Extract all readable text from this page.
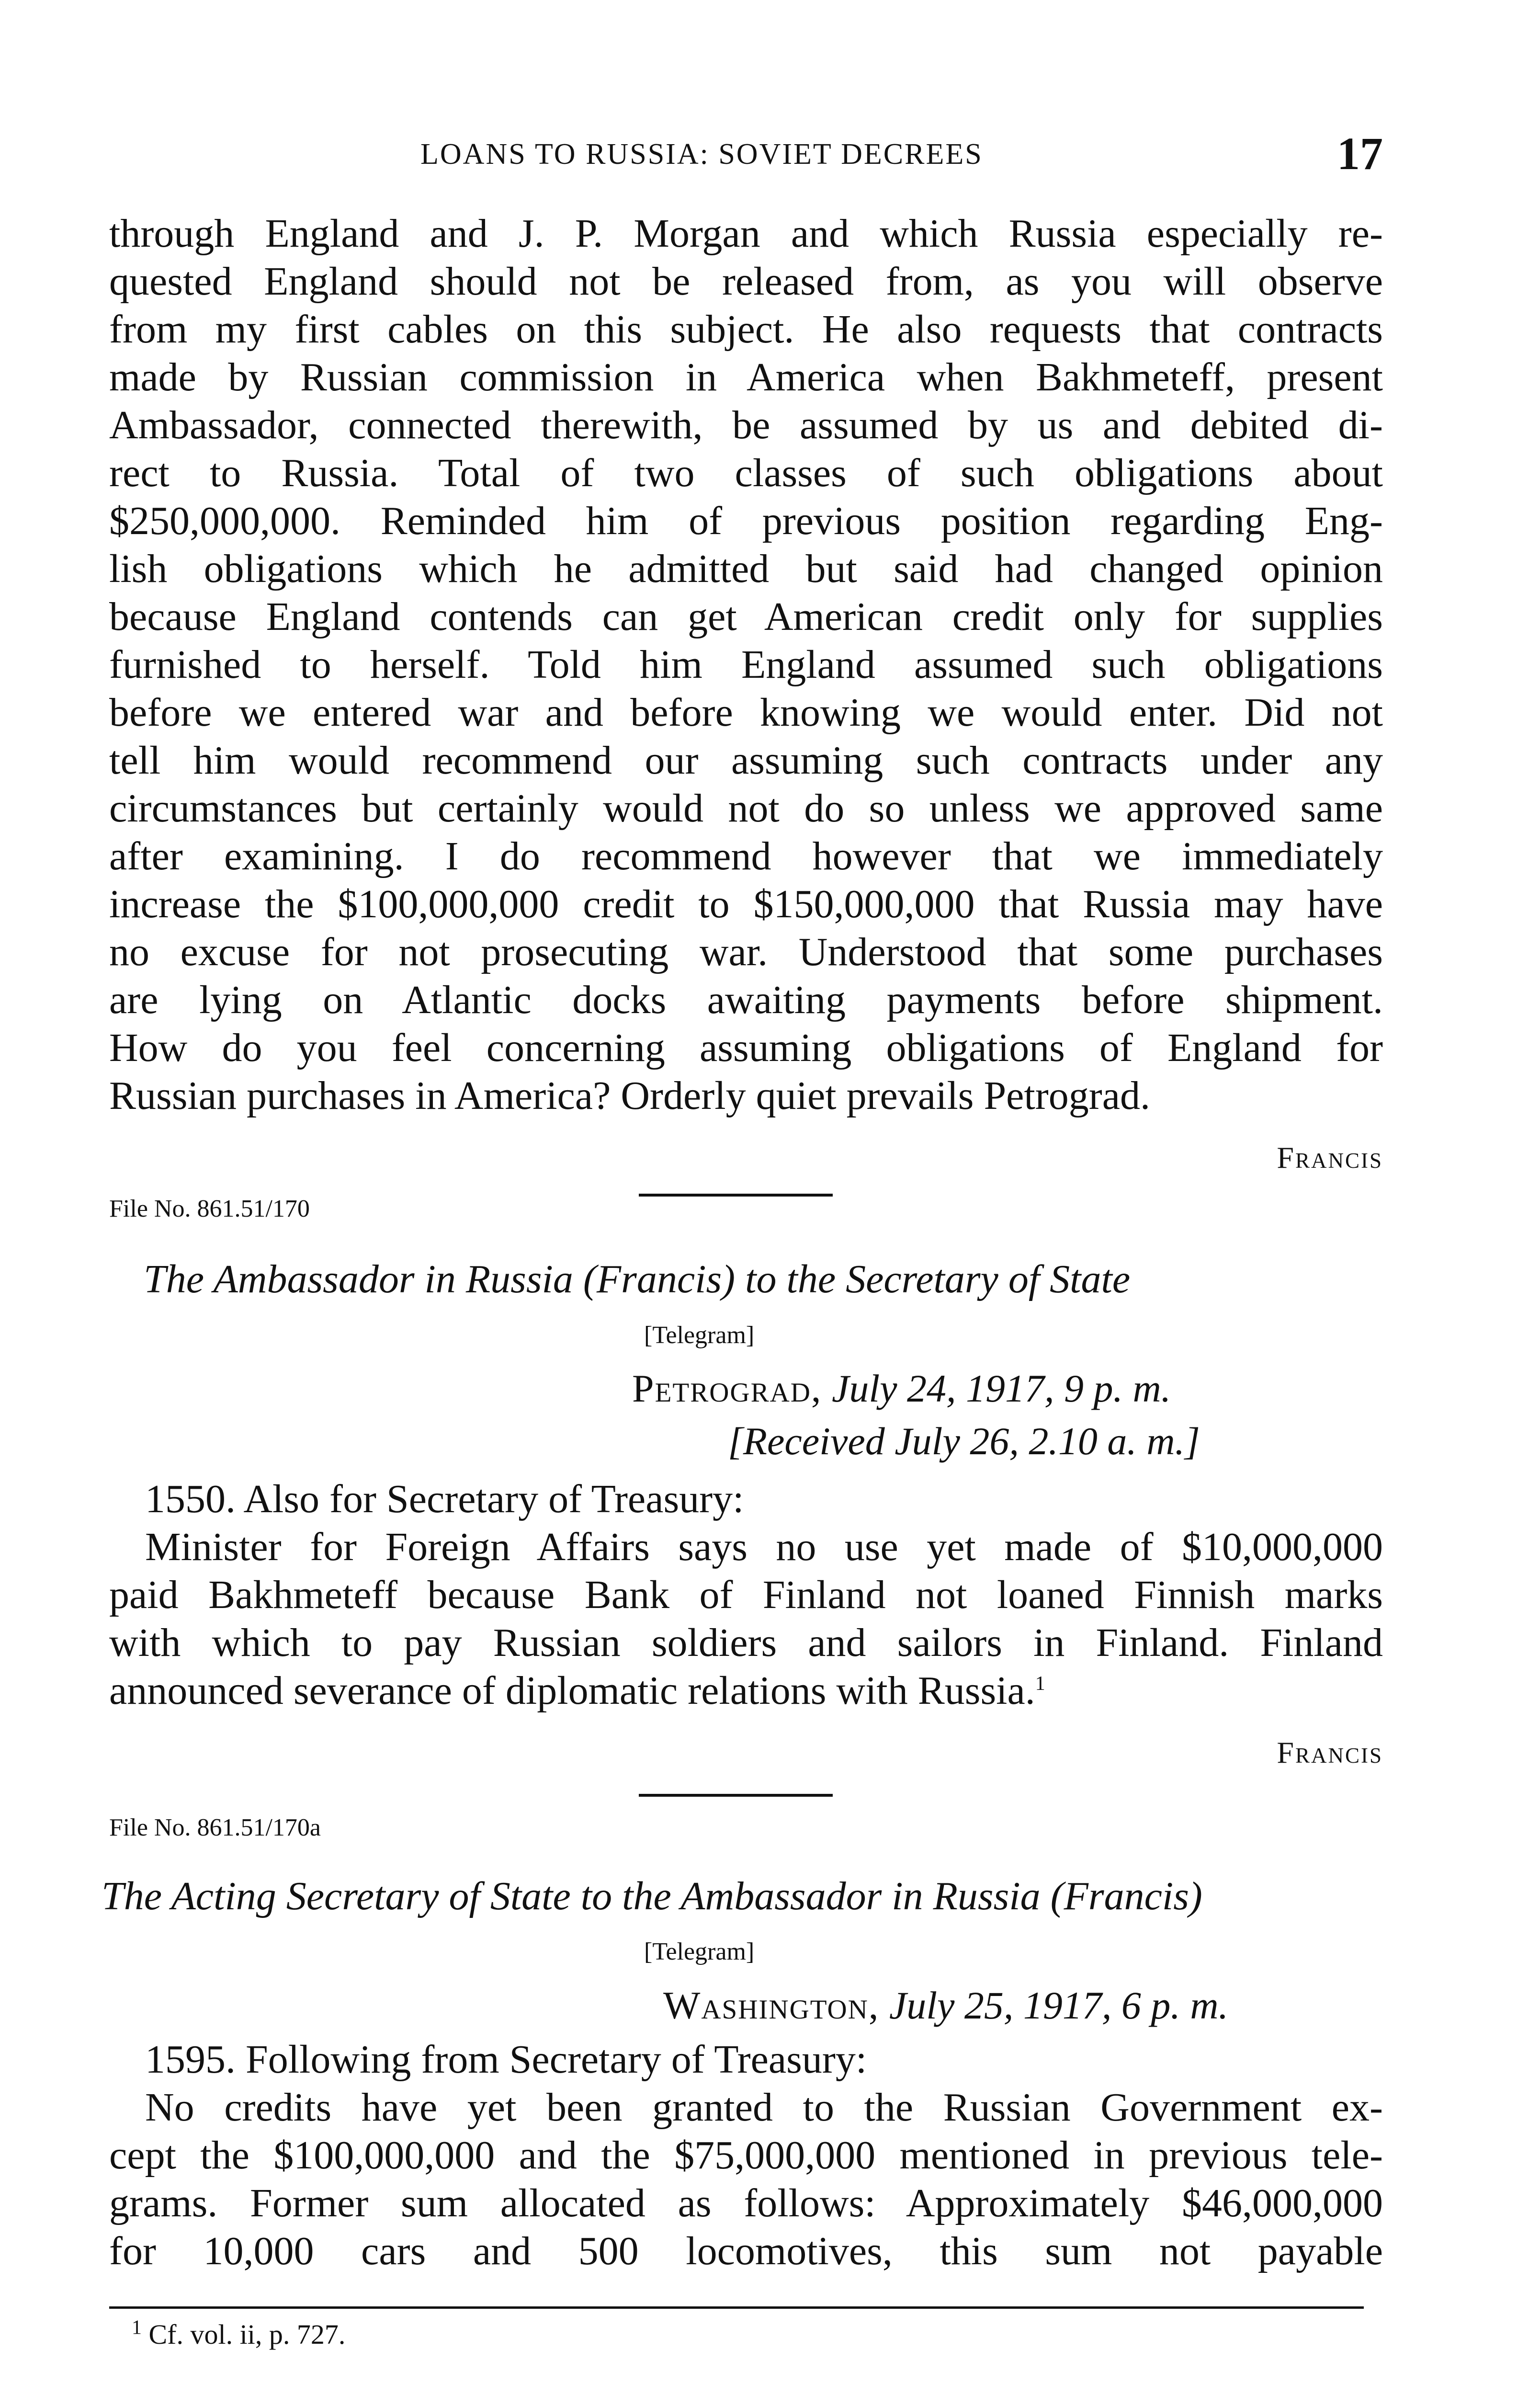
LOANS TO RUSSIA: SOVIET DECREES	17
through England and J. P. Morgan and which Russia especially re-
quested England should not be released from, as you will observe
from my first cables on this subject. He also requests that contracts
made by Russian commission in America when Bakhmeteff, present
Ambassador, connected therewith, be assumed by us and debited di-
rect to Russia. Total of two classes of such obligations about
$250,000,000. Reminded him of previous position regarding Eng-
lish obligations which he admitted but said had changed opinion
because England contends can get American credit only for supplies
furnished to herself. Told him England assumed such obligations
before we entered war and before knowing we would enter. Did not
tell him would recommend our assuming such contracts under any
circumstances but certainly would not do so unless we approved same
after examining. I do recommend however that we immediately
increase the $100,000,000 credit to $150,000,000 that Russia may have
no excuse for not prosecuting war. Understood that some purchases
are lying on Atlantic docks awaiting payments before shipment.
How do you feel concerning assuming obligations of England for
Russian purchases in America? Orderly quiet prevails Petrograd.
Francis
File No. 861.51/170
The Ambassador in Russia (Francis) to the Secretary of State
[Telegram]
Petrograd, July 24, 1917, 9 p. m.
[Received July 26, 2.10 a. m.]
1550. Also for Secretary of Treasury:
Minister for Foreign Affairs says no use yet made of $10,000,000
paid Bakhmeteff because Bank of Finland not loaned Finnish marks
with which to pay Russian soldiers and sailors in Finland. Finland
announced severance of diplomatic relations with Russia.$^1$
Francis
File No. 861.51/170a
The Acting Secretary of State to the Ambassador in Russia (Francis)
[Telegram]
Washington, July 25, 1917, 6 p. m.
1595. Following from Secretary of Treasury:
No credits have yet been granted to the Russian Government ex-
cept the $100,000,000 and the $75,000,000 mentioned in previous tele-
grams. Former sum allocated as follows: Approximately $46,000,000
for 10,000 cars and 500 locomotives, this sum not payable
$^1$ Cf. vol. ii, p. 727.
